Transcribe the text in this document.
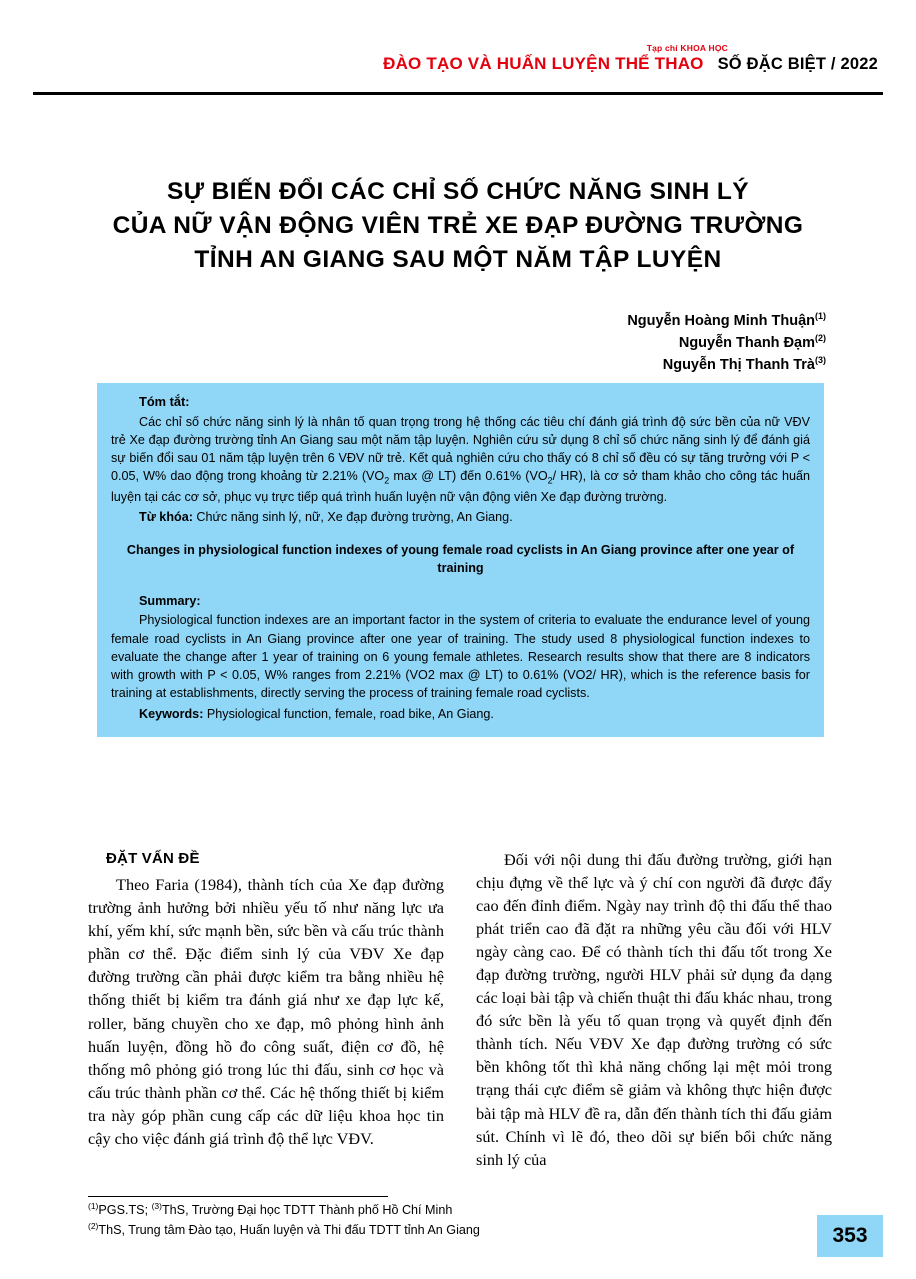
Tạp chí KHOA HỌC
ĐÀO TẠO VÀ HUẤN LUYỆN THỂ THAO SỐ ĐẶC BIỆT / 2022
SỰ BIẾN ĐỔI CÁC CHỈ SỐ CHỨC NĂNG SINH LÝ
CỦA NỮ VẬN ĐỘNG VIÊN TRẺ XE ĐẠP ĐƯỜNG TRƯỜNG
TỈNH AN GIANG SAU MỘT NĂM TẬP LUYỆN
Nguyễn Hoàng Minh Thuận$^{(1)}$
Nguyễn Thanh Đạm$^{(2)}$
Nguyễn Thị Thanh Trà$^{(3)}$
Tóm tắt:
Các chỉ số chức năng sinh lý là nhân tố quan trọng trong hệ thống các tiêu chí đánh giá trình độ sức bền của nữ VĐV trẻ Xe đạp đường trường tỉnh An Giang sau một năm tập luyện. Nghiên cứu sử dụng 8 chỉ số chức năng sinh lý để đánh giá sự biến đổi sau 01 năm tập luyện trên 6 VĐV nữ trẻ. Kết quả nghiên cứu cho thấy có 8 chỉ số đều có sự tăng trưởng với P < 0.05, W% dao động trong khoảng từ 2.21% ($VO_2$ max @ LT) đến 0.61% ($VO_2/$ HR), là cơ sở tham khảo cho công tác huấn luyện tại các cơ sở, phục vụ trực tiếp quá trình huấn luyện nữ vận động viên Xe đạp đường trường.
Từ khóa: Chức năng sinh lý, nữ, Xe đạp đường trường, An Giang.
Changes in physiological function indexes of young female road cyclists in An Giang province after one year of training
Summary:
Physiological function indexes are an important factor in the system of criteria to evaluate the endurance level of young female road cyclists in An Giang province after one year of training. The study used 8 physiological function indexes to evaluate the change after 1 year of training on 6 young female athletes. Research results show that there are 8 indicators with growth with P < 0.05, W% ranges from 2.21% (VO2 max @ LT) to 0.61% (VO2/ HR), which is the reference basis for training at establishments, directly serving the process of training female road cyclists.
Keywords: Physiological function, female, road bike, An Giang.
ĐẶT VẤN ĐỀ

Theo Faria (1984), thành tích của Xe đạp đường trường ảnh hưởng bởi nhiều yếu tố như năng lực ưa khí, yếm khí, sức mạnh bền, sức bền và cấu trúc thành phần cơ thể. Đặc điểm sinh lý của VĐV Xe đạp đường trường cần phải được kiểm tra bằng nhiều hệ thống thiết bị kiểm tra đánh giá như xe đạp lực kế, roller, băng chuyền cho xe đạp, mô phỏng hình ảnh huấn luyện, đồng hồ đo công suất, điện cơ đồ, hệ thống mô phỏng gió trong lúc thi đấu, sinh cơ học và cấu trúc thành phần cơ thể. Các hệ thống thiết bị kiểm tra này góp phần cung cấp các dữ liệu khoa học tin cậy cho việc đánh giá trình độ thể lực VĐV.

Đối với nội dung thi đấu đường trường, giới hạn chịu đựng về thể lực và ý chí con người đã được đẩy cao đến đỉnh điểm. Ngày nay trình độ thi đấu thể thao phát triển cao đã đặt ra những yêu cầu đối với HLV ngày càng cao. Để có thành tích thi đấu tốt trong Xe đạp đường trường, người HLV phải sử dụng đa dạng các loại bài tập và chiến thuật thi đấu khác nhau, trong đó sức bền là yếu tố quan trọng và quyết định đến thành tích. Nếu VĐV Xe đạp đường trường có sức bền không tốt thì khả năng chống lại mệt mỏi trong trạng thái cực điểm sẽ giảm và không thực hiện được bài tập mà HLV đề ra, dẫn đến thành tích thi đấu giảm sút. Chính vì lẽ đó, theo dõi sự biến bổi chức năng sinh lý của

$^{(1)}$PGS.TS; $^{(3)}$ThS, Trường Đại học TDTT Thành phố Hồ Chí Minh
$^{(2)}$ThS, Trung tâm Đào tạo, Huấn luyện và Thi đấu TDTT tỉnh An Giang	353
